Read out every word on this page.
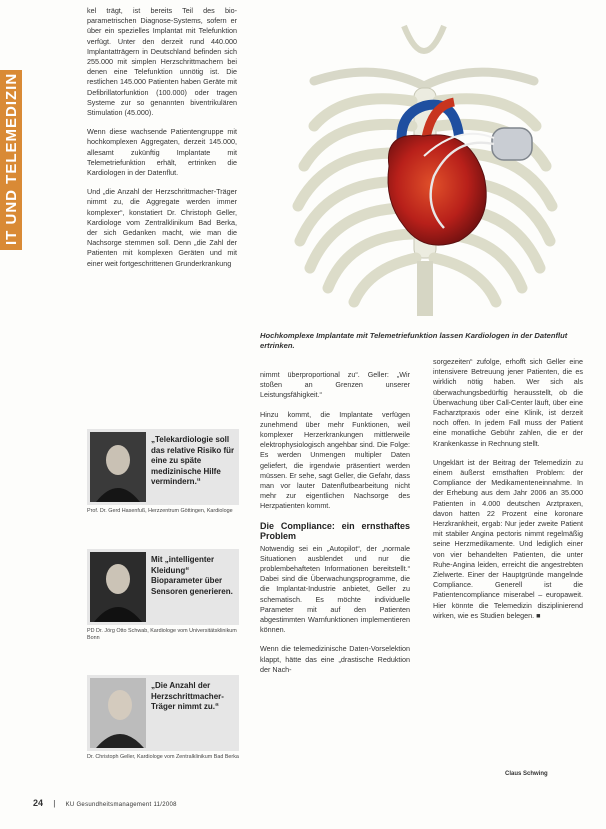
kel trägt, ist bereits Teil des bio-parametrischen Diagnose-Systems, sofern er über ein spezielles Implantat mit Telefunktion verfügt. Unter den derzeit rund 440.000 Implantatträgern in Deutschland befinden sich 255.000 mit simplen Herzschrittmachern bei denen eine Telefunktion unnötig ist. Die restlichen 145.000 Patienten haben Geräte mit Defibrillatorfunktion (100.000) oder tragen Systeme zur so genannten biventrikulären Stimulation (45.000).

Wenn diese wachsende Patientengruppe mit hochkomplexen Aggregaten, derzeit 145.000, allesamt zukünftig Implantate mit Telemetriefunktion erhält, ertrinken die Kardiologen in der Datenflut.

Und „die Anzahl der Herzschrittmacher-Träger nimmt zu, die Aggregate werden immer komplexer“, konstatiert Dr. Christoph Geller, Kardiologe vom Zentralklinikum Bad Berka, der sich Gedanken macht, wie man die Nachsorge stemmen soll. Denn „die Zahl der Patienten mit komplexen Geräten und mit einer weit fortgeschrittenen Grunderkrankung

Hochkomplexe Implantate mit Telemetriefunktion lassen Kardiologen in der Datenflut ertrinken.

nimmt überproportional zu“. Geller: „Wir stoßen an Grenzen unserer Leistungsfähigkeit.“

Hinzu kommt, die Implantate verfügen zunehmend über mehr Funktionen, weil komplexer Herzerkrankungen mittlerweile elektrophysiologisch angehbar sind. Die Folge: Es werden Unmengen multipler Daten geliefert, die irgendwie präsentiert werden müssen. Er sehe, sagt Geller, die Gefahr, dass man vor lauter Datenflutbearbeitung nicht mehr zur eigentlichen Nachsorge des Herzpatienten kommt.

Die Compliance: ein ernsthaftes Problem

Notwendig sei ein „Autopilot“, der „normale Situationen ausblendet und nur die problembehafteten Informationen bereitstellt.“ Dabei sind die Überwachungsprogramme, die die Implantat-Industrie anbietet, Geller zu schematisch. Es möchte individuelle Parameter mit auf den Patienten abgestimmten Warnfunktionen implementieren können.

Wenn die telemedizinische Daten-Vorselektion klappt, hätte das eine „drastische Reduktion der Nach-

sorgezeiten“ zufolge, erhofft sich Geller eine intensivere Betreuung jener Patienten, die es wirklich nötig haben. Wer sich als überwachungsbedürftig herausstellt, ob die Überwachung über Call-Center läuft, über eine Facharztpraxis oder eine Klinik, ist derzeit noch offen. In jedem Fall muss der Patient eine monatliche Gebühr zahlen, die er der Krankenkasse in Rechnung stellt.

Ungeklärt ist der Beitrag der Telemedizin zu einem äußerst ernsthaften Problem: der Compliance der Medikamenteneinnahme. In der Erhebung aus dem Jahr 2006 an 35.000 Patienten in 4.000 deutschen Arztpraxen, davon hatten 22 Prozent eine koronare Herzkrankheit, ergab: Nur jeder zweite Patient mit stabiler Angina pectoris nimmt regelmäßig seine Herzmedikamente. Und lediglich einer von vier behandelten Patienten, die unter Ruhe-Angina leiden, erreicht die angestrebten Zielwerte. Einer der Hauptgründe mangelnde Compliance. Generell ist die Patientencompliance miserabel – europaweit. Hier könnte die Telemedizin disziplinierend wirken, wie es Studien belegen. ■

„Telekardiologie soll das relative Risiko für eine zu späte medizinische Hilfe vermindern.“
Prof. Dr. Gerd Hasenfuß, Herzzentrum Göttingen, Kardiologe
Mit „intelligenter Kleidung“ Bioparameter über Sensoren generieren.
PD Dr. Jörg Otto Schwab, Kardiologe vom Universitätsklinikum Bonn
„Die Anzahl der Herzschrittmacher-Träger nimmt zu.“
Dr. Christoph Geller, Kardiologe vom Zentralklinikum Bad Berka
Claus Schwing
24 | KU Gesundheitsmanagement 11/2008
